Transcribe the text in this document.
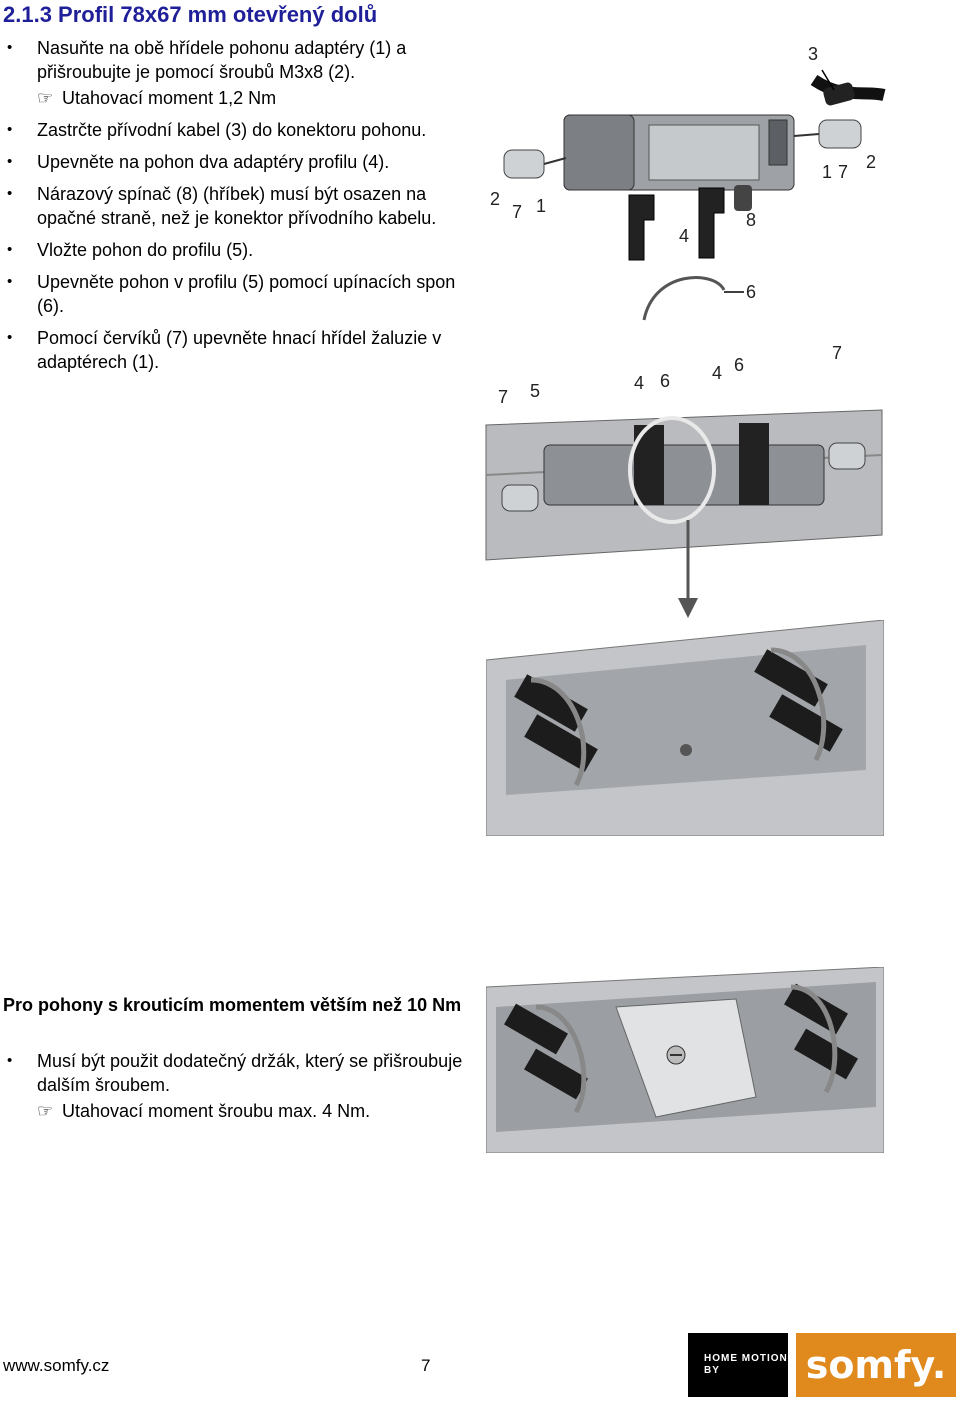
2.1.3 Profil 78x67 mm otevřený dolů
• Nasuňte na obě hřídele pohonu adaptéry (1) a přišroubujte je pomocí šroubů M3x8 (2).
☞ Utahovací moment 1,2 Nm
• Zastrčte přívodní kabel (3) do konektoru pohonu.
• Upevněte na pohon dva adaptéry profilu (4).
• Nárazový spínač (8) (hříbek) musí být osazen na opačné straně, než je konektor přívodního kabelu.
• Vložte pohon do profilu (5).
• Upevněte pohon v profilu (5) pomocí upínacích spon (6).
• Pomocí červíků (7) upevněte hnací hřídel žaluzie v adaptérech (1).
3
2
7 1
4
8
6
1 7 2
7 5	4 6 4 6
7
Pro pohony s krouticím momentem větším než 10 Nm
• Musí být použit dodatečný držák, který se přišroubuje dalším šroubem.
☞ Utahovací moment šroubu max. 4 Nm.
www.somfy.cz	7	HOME MOTION BY	somfy.
